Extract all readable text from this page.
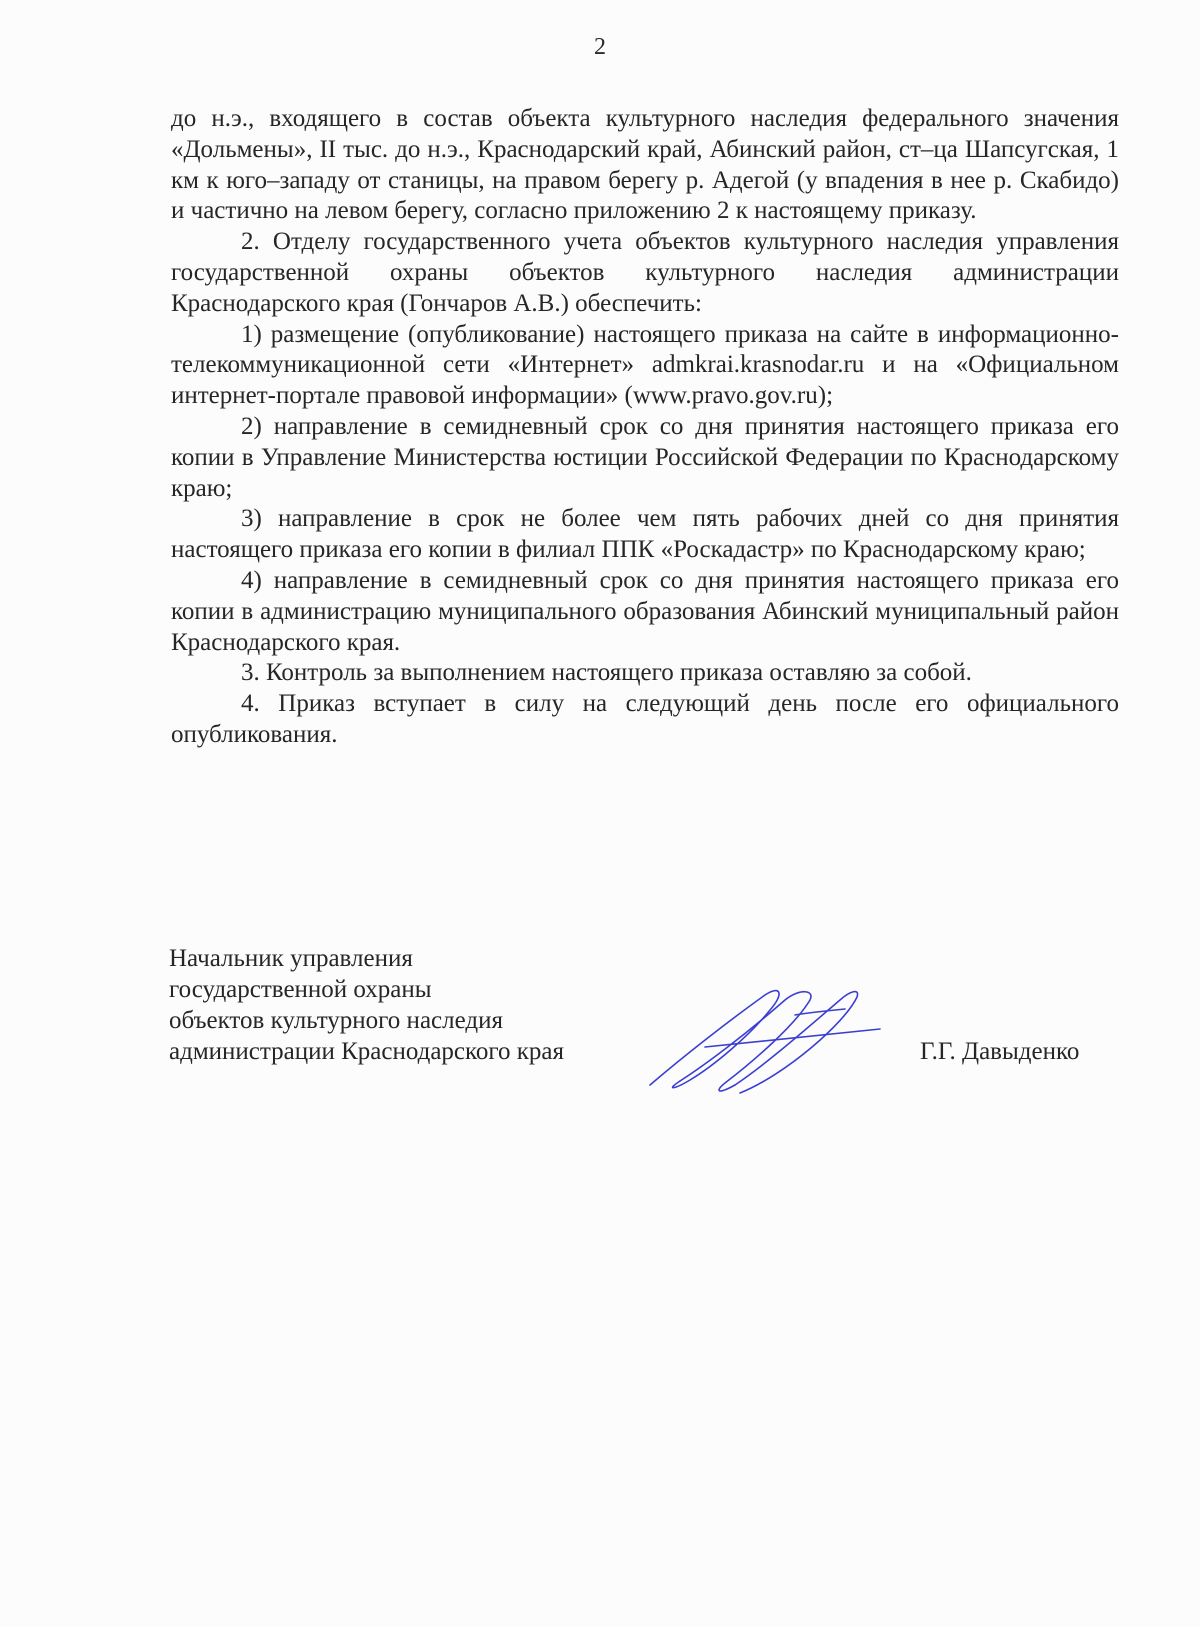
2

до н.э., входящего в состав объекта культурного наследия федерального значения «Дольмены», II тыс. до н.э., Краснодарский край, Абинский район, ст–ца Шапсугская, 1 км к юго–западу от станицы, на правом берегу р. Адегой (у впадения в нее р. Скабидо) и частично на левом берегу, согласно приложению 2 к настоящему приказу.

2. Отделу государственного учета объектов культурного наследия управления государственной охраны объектов культурного наследия администрации Краснодарского края (Гончаров А.В.) обеспечить:

1) размещение (опубликование) настоящего приказа на сайте в информационно-телекоммуникационной сети «Интернет» admkrai.krasnodar.ru и на «Официальном интернет-портале правовой информации» (www.pravo.gov.ru);

2) направление в семидневный срок со дня принятия настоящего приказа его копии в Управление Министерства юстиции Российской Федерации по Краснодарскому краю;

3) направление в срок не более чем пять рабочих дней со дня принятия настоящего приказа его копии в филиал ППК «Роскадастр» по Краснодарскому краю;

4) направление в семидневный срок со дня принятия настоящего приказа его копии в администрацию муниципального образования Абинский муниципальный район Краснодарского края.

3. Контроль за выполнением настоящего приказа оставляю за собой.

4. Приказ вступает в силу на следующий день после его официального опубликования.

Начальник управления
государственной охраны
объектов культурного наследия
администрации Краснодарского края	Г.Г. Давыденко
